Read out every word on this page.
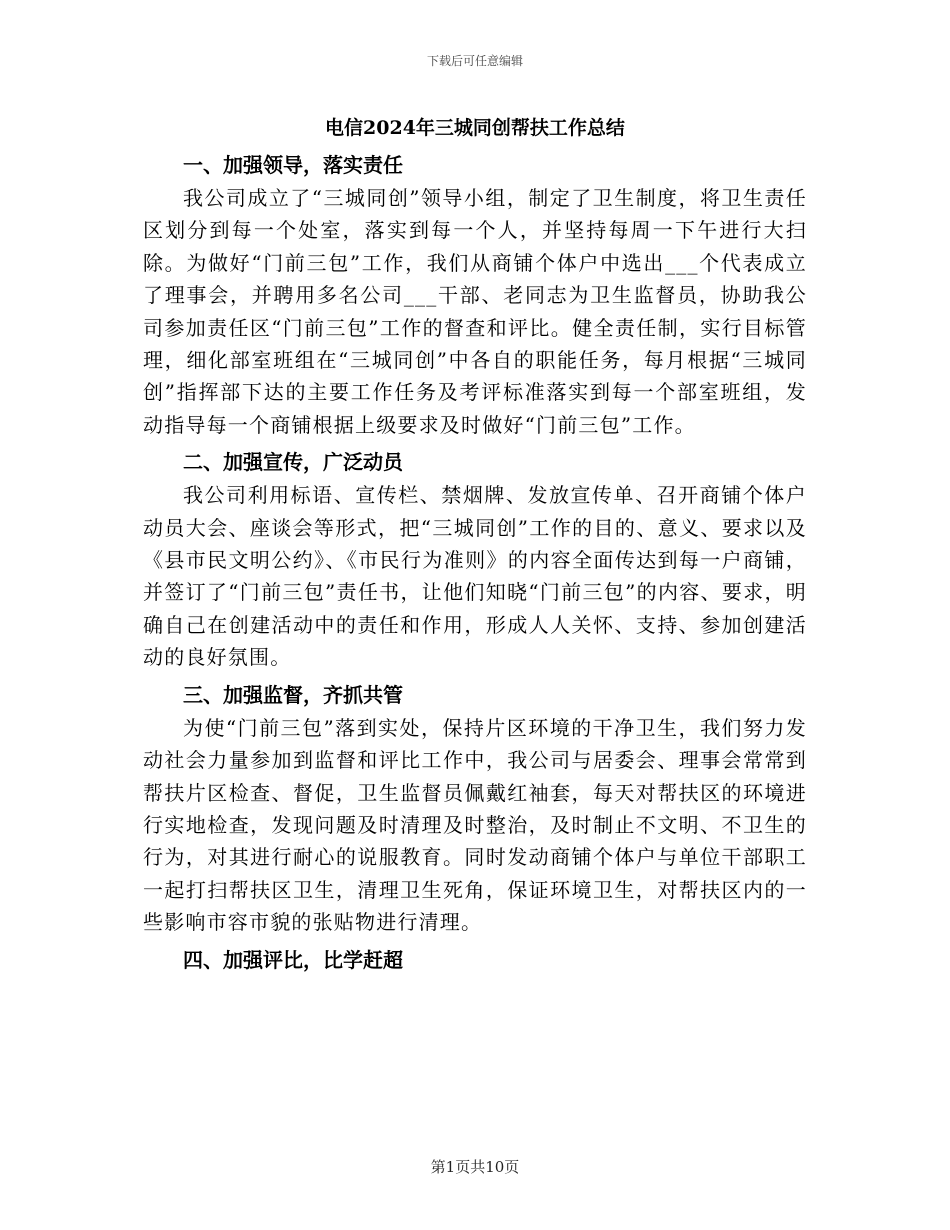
下载后可任意编辑
电信2024年三城同创帮扶工作总结
一、加强领导，落实责任

我公司成立了“三城同创”领导小组，制定了卫生制度，将卫生责任区划分到每一个处室，落实到每一个人，并坚持每周一下午进行大扫除。为做好“门前三包”工作，我们从商铺个体户中选出___个代表成立了理事会，并聘用多名公司___干部、老同志为卫生监督员，协助我公司参加责任区“门前三包”工作的督查和评比。健全责任制，实行目标管理，细化部室班组在“三城同创”中各自的职能任务，每月根据“三城同创”指挥部下达的主要工作任务及考评标准落实到每一个部室班组，发动指导每一个商铺根据上级要求及时做好“门前三包”工作。

二、加强宣传，广泛动员

我公司利用标语、宣传栏、禁烟牌、发放宣传单、召开商铺个体户动员大会、座谈会等形式，把“三城同创”工作的目的、意义、要求以及《县市民文明公约》、《市民行为准则》的内容全面传达到每一户商铺，并签订了“门前三包”责任书，让他们知晓“门前三包”的内容、要求，明确自己在创建活动中的责任和作用，形成人人关怀、支持、参加创建活动的良好氛围。

三、加强监督，齐抓共管

为使“门前三包”落到实处，保持片区环境的干净卫生，我们努力发动社会力量参加到监督和评比工作中，我公司与居委会、理事会常常到帮扶片区检查、督促，卫生监督员佩戴红袖套，每天对帮扶区的环境进行实地检查，发现问题及时清理及时整治，及时制止不文明、不卫生的行为，对其进行耐心的说服教育。同时发动商铺个体户与单位干部职工一起打扫帮扶区卫生，清理卫生死角，保证环境卫生，对帮扶区内的一些影响市容市貌的张贴物进行清理。

四、加强评比，比学赶超
第1页共10页
